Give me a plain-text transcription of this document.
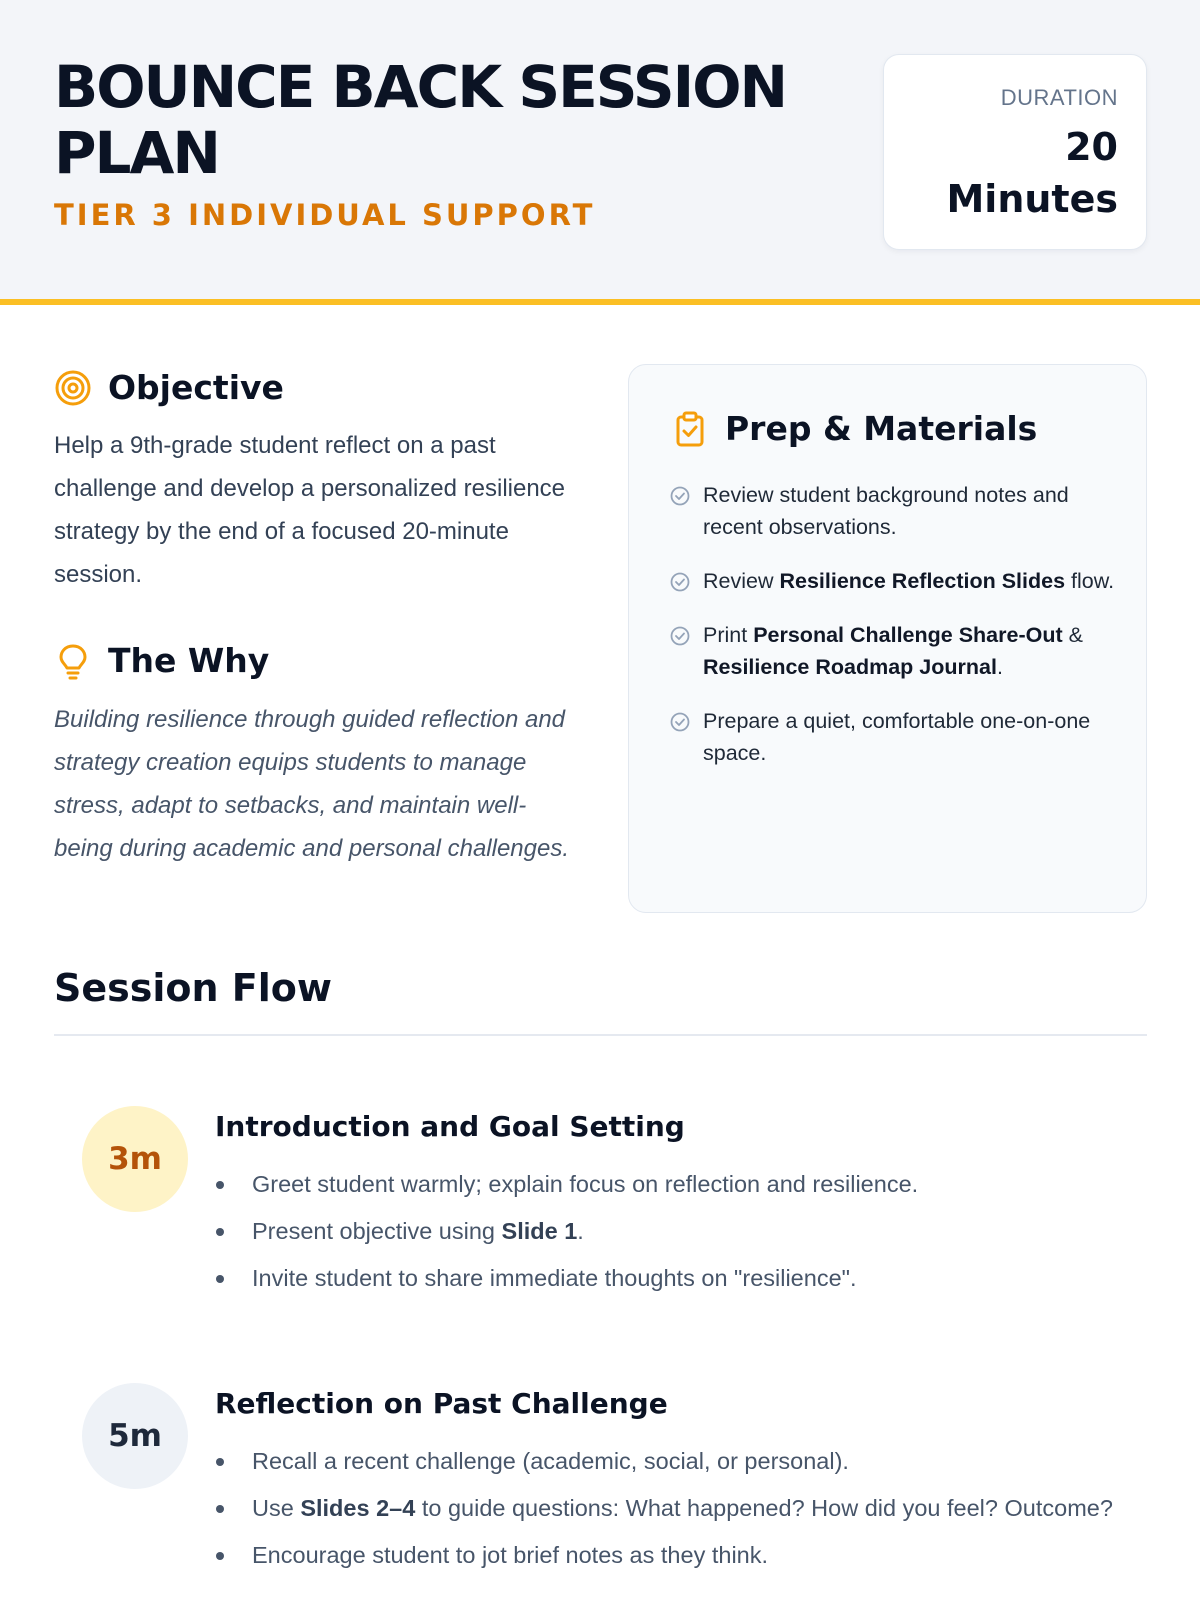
BOUNCE BACK SESSION PLAN
TIER 3 INDIVIDUAL SUPPORT
DURATION
20 Minutes
Objective

Help a 9th-grade student reflect on a past challenge and develop a personalized resilience strategy by the end of a focused 20-minute session.

The Why

Building resilience through guided reflection and strategy creation equips students to manage stress, adapt to setbacks, and maintain well-being during academic and personal challenges.

Prep & Materials
Review student background notes and recent observations.
Review Resilience Reflection Slides flow.
Print Personal Challenge Share-Out & Resilience Roadmap Journal.
Prepare a quiet, comfortable one-on-one space.
Session Flow
3m
Introduction and Goal Setting
Greet student warmly; explain focus on reflection and resilience.
Present objective using Slide 1.
Invite student to share immediate thoughts on "resilience".
5m
Reflection on Past Challenge
Recall a recent challenge (academic, social, or personal).
Use Slides 2–4 to guide questions: What happened? How did you feel? Outcome?
Encourage student to jot brief notes as they think.
